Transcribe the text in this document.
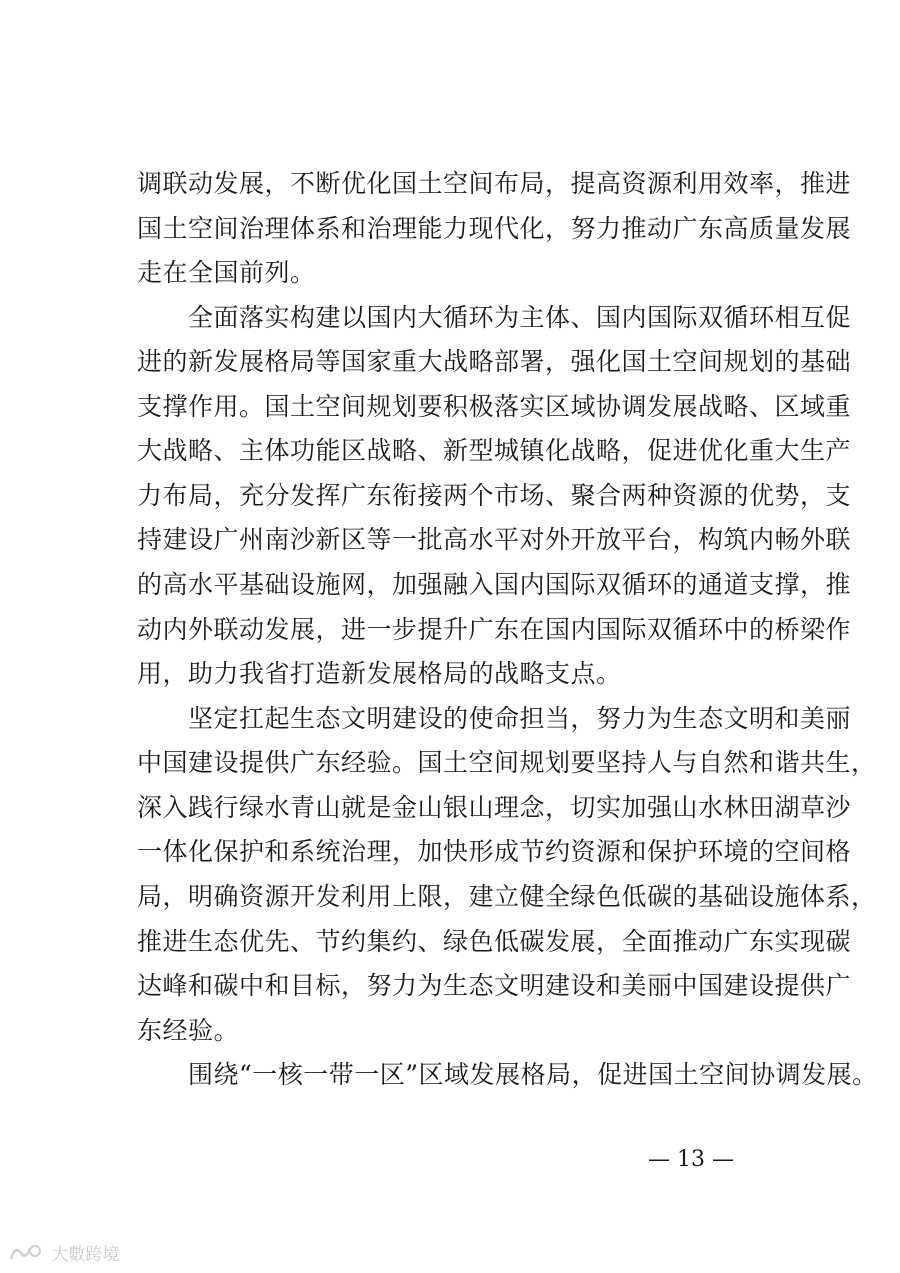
调联动发展，不断优化国土空间布局，提高资源利用效率，推进
国土空间治理体系和治理能力现代化，努力推动广东高质量发展
走在全国前列。
全面落实构建以国内大循环为主体、国内国际双循环相互促
进的新发展格局等国家重大战略部署，强化国土空间规划的基础
支撑作用。国土空间规划要积极落实区域协调发展战略、区域重
大战略、主体功能区战略、新型城镇化战略，促进优化重大生产
力布局，充分发挥广东衔接两个市场、聚合两种资源的优势，支
持建设广州南沙新区等一批高水平对外开放平台，构筑内畅外联
的高水平基础设施网，加强融入国内国际双循环的通道支撑，推
动内外联动发展，进一步提升广东在国内国际双循环中的桥梁作
用，助力我省打造新发展格局的战略支点。
坚定扛起生态文明建设的使命担当，努力为生态文明和美丽
中国建设提供广东经验。国土空间规划要坚持人与自然和谐共生，
深入践行绿水青山就是金山银山理念，切实加强山水林田湖草沙
一体化保护和系统治理，加快形成节约资源和保护环境的空间格
局，明确资源开发利用上限，建立健全绿色低碳的基础设施体系，
推进生态优先、节约集约、绿色低碳发展，全面推动广东实现碳
达峰和碳中和目标，努力为生态文明建设和美丽中国建设提供广
东经验。
围绕“一核一带一区”区域发展格局，促进国土空间协调发展。
— 13 —
大數跨境
